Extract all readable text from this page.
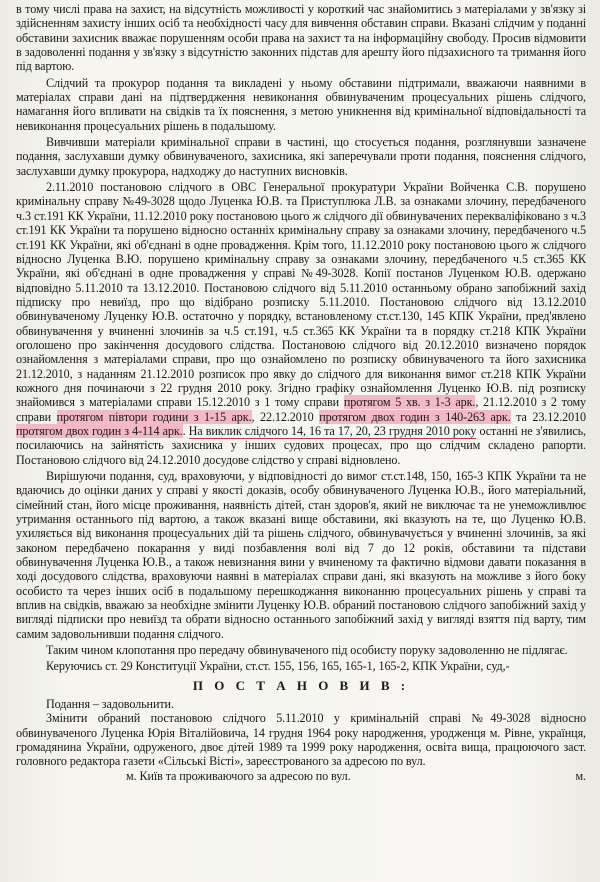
в тому числі права на захист, на відсутність можливості у короткий час знайомитись з матеріалами у зв'язку зі здійсненням захисту інших осіб та необхідності часу для вивчення обставин справи. Вказані слідчим у поданні обставини захисник вважає порушенням особи права на захист та на інформаційну свободу. Просив відмовити в задоволенні подання у зв'язку з відсутністю законних підстав для арешту його підзахисного та тримання його під вартою.

Слідчий та прокурор подання та викладені у ньому обставини підтримали, вважаючи наявними в матеріалах справи дані на підтвердження невиконання обвинуваченим процесуальних рішень слідчого, намагання його впливати на свідків та їх пояснення, з метою уникнення від кримінальної відповідальності та невиконання процесуальних рішень в подальшому.

Вивчивши матеріали кримінальної справи в частині, що стосується подання, розглянувши зазначене подання, заслухавши думку обвинуваченого, захисника, які заперечували проти подання, пояснення слідчого, заслухавши думку прокурора, надходжу до наступних висновків.

2.11.2010 постановою слідчого в ОВС Генеральної прокуратури України Войченка С.В. порушено кримінальну справу №49-3028 щодо Луценка Ю.В. та Приступлюка Л.В. за ознаками злочину, передбаченого ч.3 ст.191 КК України, 11.12.2010 року постановою цього ж слідчого дії обвинувачених перекваліфіковано з ч.3 ст.191 КК України та порушено відносно останніх кримінальну справу за ознаками злочину, передбаченого ч.5 ст.191 КК України, які об'єднані в одне провадження. Крім того, 11.12.2010 року постановою цього ж слідчого відносно Луценка В.Ю. порушено кримінальну справу за ознаками злочину, передбаченого ч.5 ст.365 КК України, які об'єднані в одне провадження у справі №49-3028. Копії постанов Луценком Ю.В. одержано відповідно 5.11.2010 та 13.12.2010. Постановою слідчого від 5.11.2010 останньому обрано запобіжний захід підписку про невиїзд, про що відібрано розписку 5.11.2010. Постановою слідчого від 13.12.2010 обвинуваченому Луценку Ю.В. остаточно у порядку, встановленому ст.ст.130, 145 КПК України, пред'явлено обвинувачення у вчиненні злочинів за ч.5 ст.191, ч.5 ст.365 КК України та в порядку ст.218 КПК України оголошено про закінчення досудового слідства. Постановою слідчого від 20.12.2010 визначено порядок ознайомлення з матеріалами справи, про що ознайомлено по розписку обвинуваченого та його захисника 21.12.2010, з наданням 21.12.2010 розписок про явку до слідчого для виконання вимог ст.218 КПК України кожного дня починаючи з 22 грудня 2010 року. Згідно графіку ознайомлення Луценко Ю.В. під розписку знайомився з матеріалами справи 15.12.2010 з 1 тому справи протягом 5 хв. з 1-3 арк., 21.12.2010 з 2 тому справи протягом півтори години з 1-15 арк., 22.12.2010 протягом двох годин з 140-263 арк. та 23.12.2010 протягом двох годин з 4-114 арк.. На виклик слідчого 14, 16 та 17, 20, 23 грудня 2010 року останні не з'явились, посилаючись на зайнятість захисника у інших судових процесах, про що слідчим складено рапорти. Постановою слідчого від 24.12.2010 досудове слідство у справі відновлено.

Вирішуючи подання, суд, враховуючи, у відповідності до вимог ст.ст.148, 150, 165-3 КПК України та не вдаючись до оцінки даних у справі у якості доказів, особу обвинуваченого Луценка Ю.В., його матеріальний, сімейний стан, його місце проживання, наявність дітей, стан здоров'я, який не виключає та не унеможливлює утримання останнього під вартою, а також вказані вище обставини, які вказують на те, що Луценко Ю.В. ухиляється від виконання процесуальних дій та рішень слідчого, обвинувачується у вчиненні злочинів, за які законом передбачено покарання у виді позбавлення волі від 7 до 12 років, обставини та підстави обвинувачення Луценка Ю.В., а також невизнання вини у вчиненому та фактично відмови давати показання в ході досудового слідства, враховуючи наявні в матеріалах справи дані, які вказують на можливе з його боку особисто та через інших осіб в подальшому перешкоджання виконанню процесуальних рішень у справі та вплив на свідків, вважаю за необхідне змінити Луценку Ю.В. обраний постановою слідчого запобіжний захід у вигляді підписки про невиїзд та обрати відносно останнього запобіжний захід у вигляді взяття під варту, тим самим задовольнивши подання слідчого.

Таким чином клопотання про передачу обвинуваченого під особисту поруку задоволенню не підлягає.

Керуючись ст. 29 Конституції України, ст.ст. 155, 156, 165, 165-1, 165-2, КПК України, суд,-

П О С Т А Н О В И В :

Подання – задовольнити.

Змінити обраний постановою слідчого 5.11.2010 у кримінальній справі №49-3028 відносно обвинуваченого Луценка Юрія Віталійовича, 14 грудня 1964 року народження, уродженця м. Рівне, українця, громадянина України, одруженого, двоє дітей 1989 та 1999 року народження, освіта вища, працюючого заст. головного редактора газети «Сільські Вісті», зареєстрованого за адресою по вул.

м. Київ та проживаючого за адресою по вул.	м.
